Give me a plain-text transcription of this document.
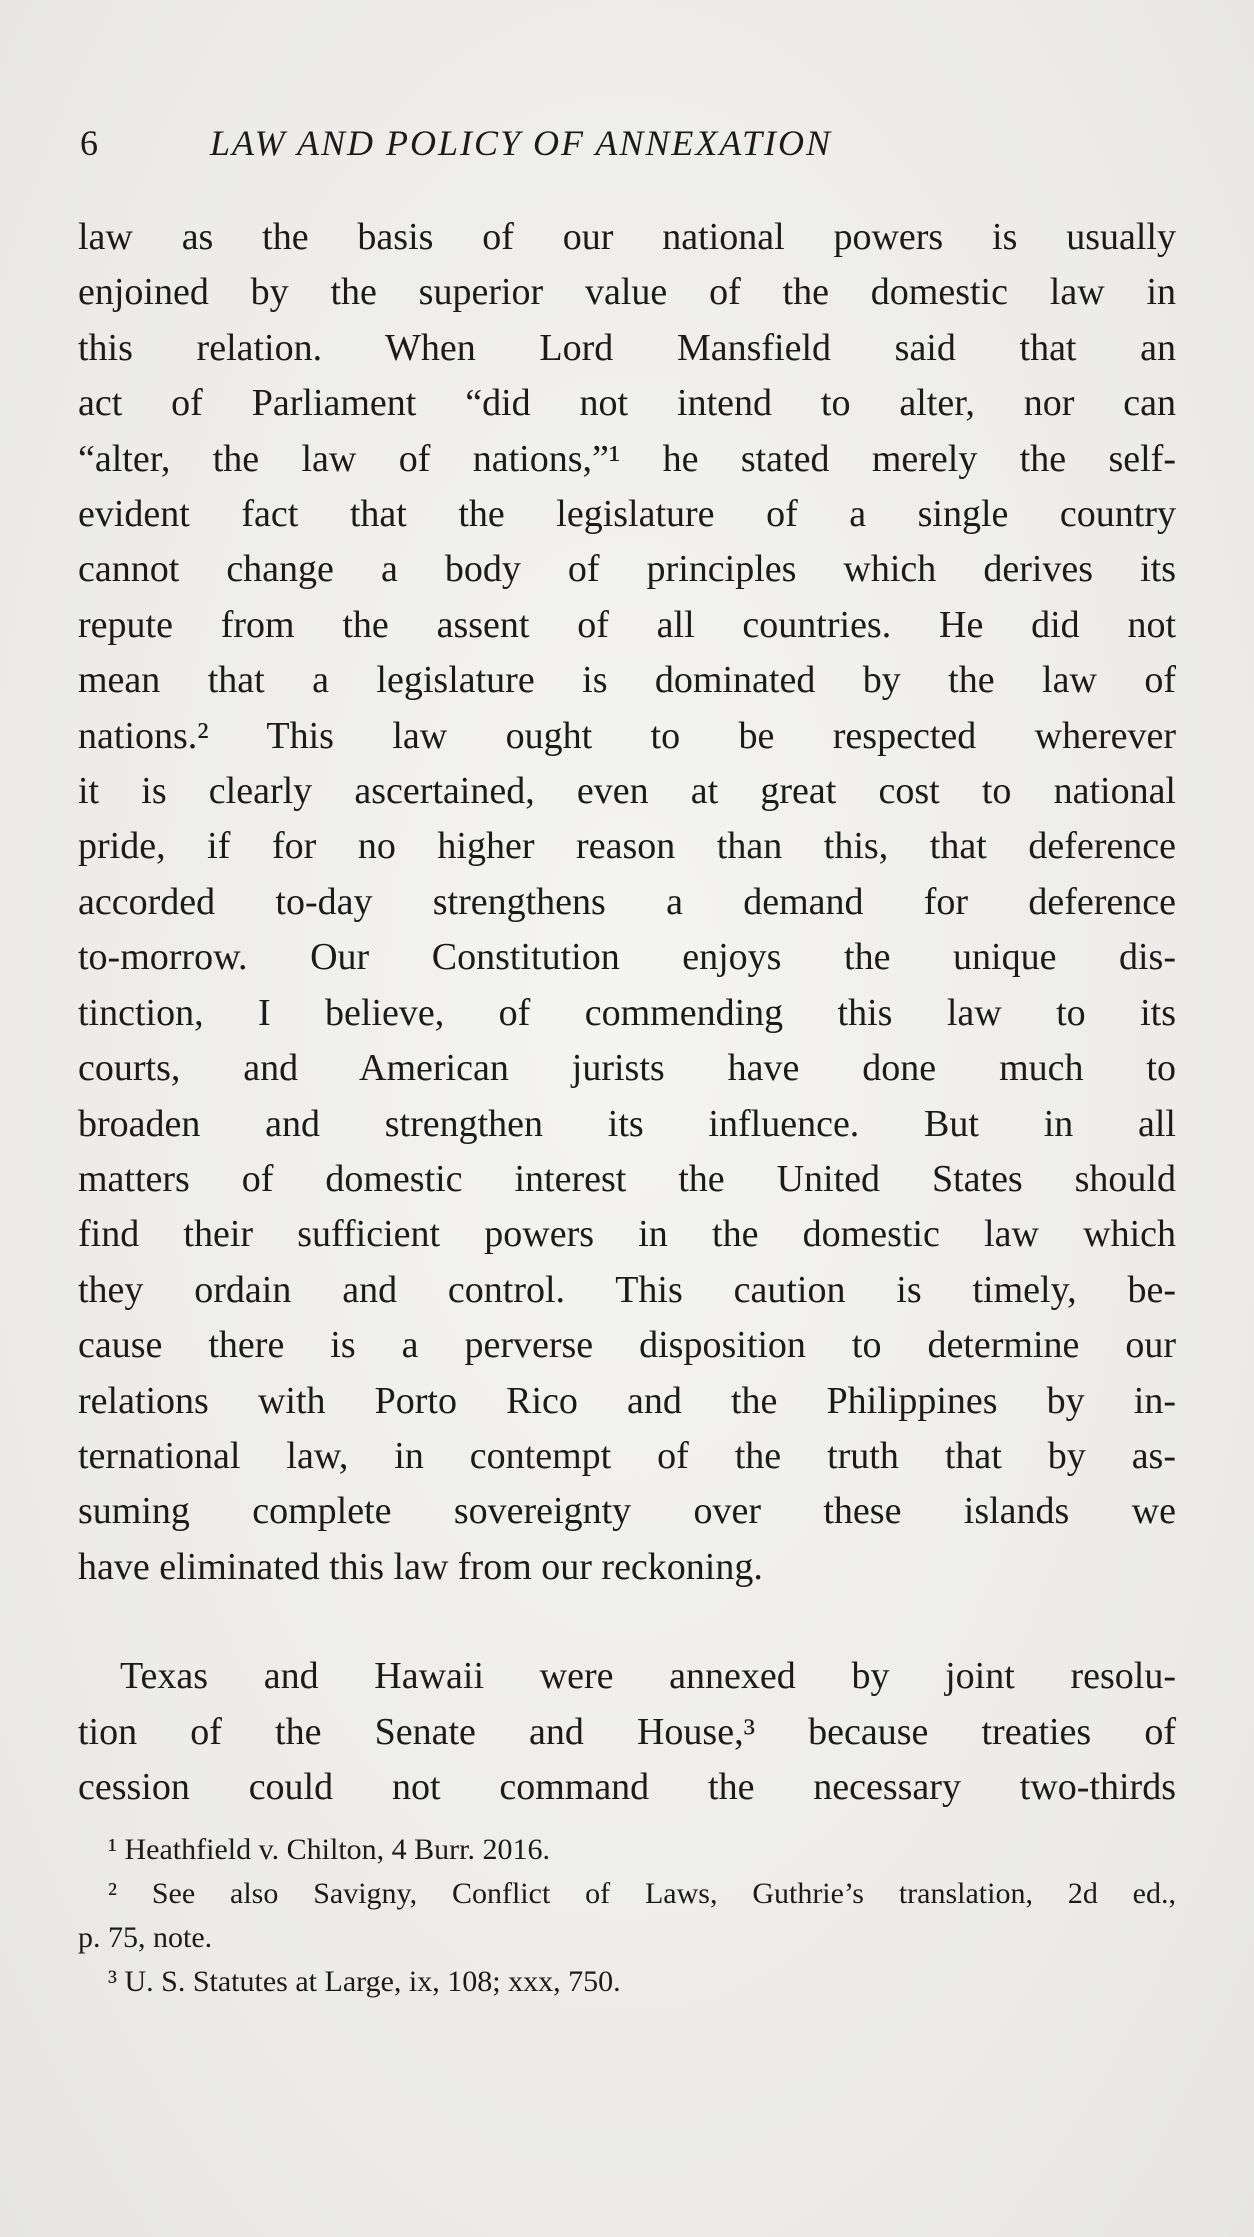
6	LAW AND POLICY OF ANNEXATION
law as the basis of our national powers is usually
enjoined by the superior value of the domestic law in
this relation. When Lord Mansfield said that an
act of Parliament “did not intend to alter, nor can
“alter, the law of nations,”¹ he stated merely the self-
evident fact that the legislature of a single country
cannot change a body of principles which derives its
repute from the assent of all countries. He did not
mean that a legislature is dominated by the law of
nations.² This law ought to be respected wherever
it is clearly ascertained, even at great cost to national
pride, if for no higher reason than this, that deference
accorded to-day strengthens a demand for deference
to-morrow. Our Constitution enjoys the unique dis-
tinction, I believe, of commending this law to its
courts, and American jurists have done much to
broaden and strengthen its influence. But in all
matters of domestic interest the United States should
find their sufficient powers in the domestic law which
they ordain and control. This caution is timely, be-
cause there is a perverse disposition to determine our
relations with Porto Rico and the Philippines by in-
ternational law, in contempt of the truth that by as-
suming complete sovereignty over these islands we
have eliminated this law from our reckoning.
Texas and Hawaii were annexed by joint resolu-
tion of the Senate and House,³ because treaties of
cession could not command the necessary two-thirds
¹ Heathfield v. Chilton, 4 Burr. 2016.
² See also Savigny, Conflict of Laws, Guthrie’s translation, 2d ed.,
p. 75, note.
³ U. S. Statutes at Large, ix, 108; xxx, 750.
